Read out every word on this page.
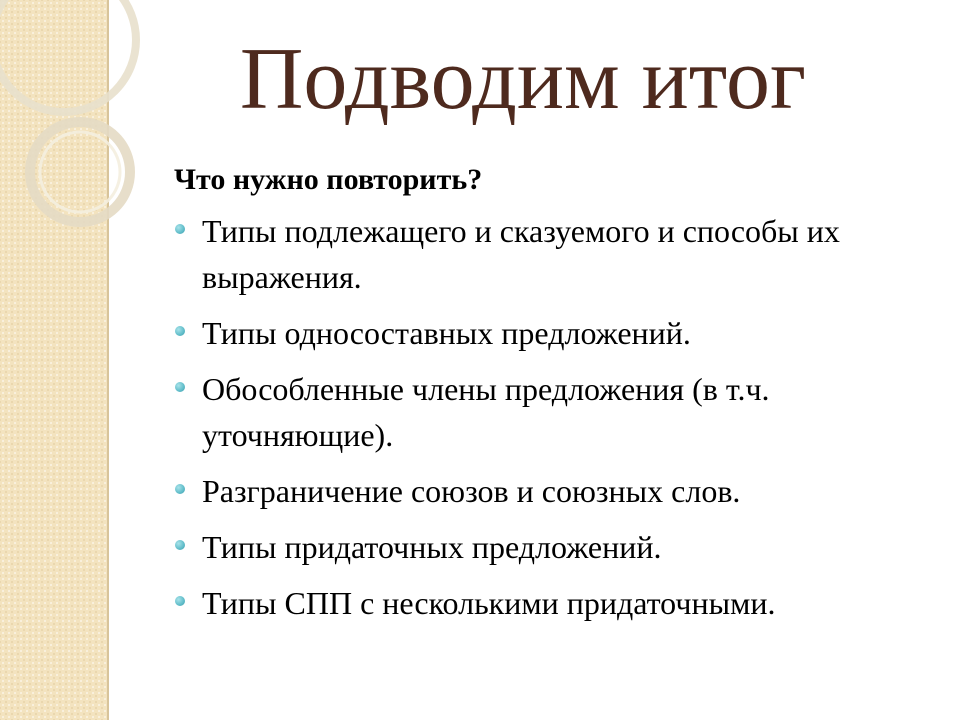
Подводим итог
Что нужно повторить?
Типы подлежащего и сказуемого и способы их выражения.
Типы односоставных предложений.
Обособленные члены предложения (в т.ч. уточняющие).
Разграничение союзов и союзных слов.
Типы придаточных предложений.
Типы СПП с несколькими придаточными.
